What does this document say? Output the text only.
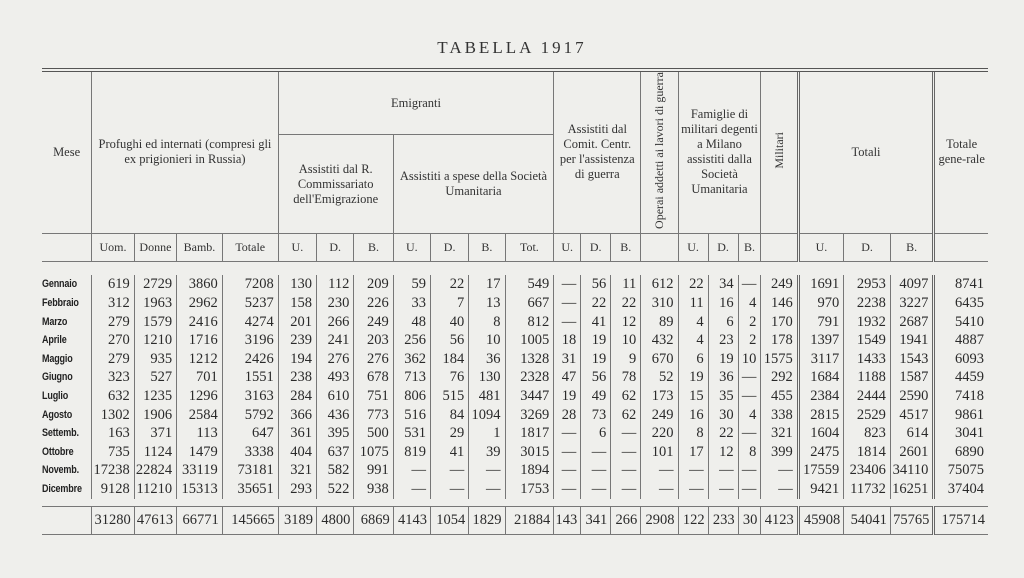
TABELLA 1917
Mese	Profughi ed internati (compresi gli ex prigionieri in Russia)				Emigranti							Assistiti dal Comit. Centr. per l'assistenza di guerra			Operai addetti ai lavori di guerra	Famiglie di militari degenti a Milano assistiti dalla Società Umanitaria			Militari	Totali			Totale gene-rale
					Assistiti dal R. Commissariato dell'Emigrazione			Assistiti a spese della Società Umanitaria															
	Uom.	Donne	Bamb.	Totale	U.	D.	B.	U.	D.	B.	Tot.	U.	D.	B.		U.	D.	B.		U.	D.	B.	

Gennaio	619	2729	3860	7208	130	112	209	59	22	17	549	—	56	11	612	22	34	—	249	1691	2953	4097	8741
Febbraio	312	1963	2962	5237	158	230	226	33	7	13	667	—	22	22	310	11	16	4	146	970	2238	3227	6435
Marzo	279	1579	2416	4274	201	266	249	48	40	8	812	—	41	12	89	4	6	2	170	791	1932	2687	5410
Aprile	270	1210	1716	3196	239	241	203	256	56	10	1005	18	19	10	432	4	23	2	178	1397	1549	1941	4887
Maggio	279	935	1212	2426	194	276	276	362	184	36	1328	31	19	9	670	6	19	10	1575	3117	1433	1543	6093
Giugno	323	527	701	1551	238	493	678	713	76	130	2328	47	56	78	52	19	36	—	292	1684	1188	1587	4459
Luglio	632	1235	1296	3163	284	610	751	806	515	481	3447	19	49	62	173	15	35	—	455	2384	2444	2590	7418
Agosto	1302	1906	2584	5792	366	436	773	516	84	1094	3269	28	73	62	249	16	30	4	338	2815	2529	4517	9861
Settemb.	163	371	113	647	361	395	500	531	29	1	1817	—	6	—	220	8	22	—	321	1604	823	614	3041
Ottobre	735	1124	1479	3338	404	637	1075	819	41	39	3015	—	—	—	101	17	12	8	399	2475	1814	2601	6890
Novemb.	17238	22824	33119	73181	321	582	991	—	—	—	1894	—	—	—	—	—	—	—	—	17559	23406	34110	75075
Dicembre	9128	11210	15313	35651	293	522	938	—	—	—	1753	—	—	—	—	—	—	—	—	9421	11732	16251	37404

	31280	47613	66771	145665	3189	4800	6869	4143	1054	1829	21884	143	341	266	2908	122	233	30	4123	45908	54041	75765	175714
